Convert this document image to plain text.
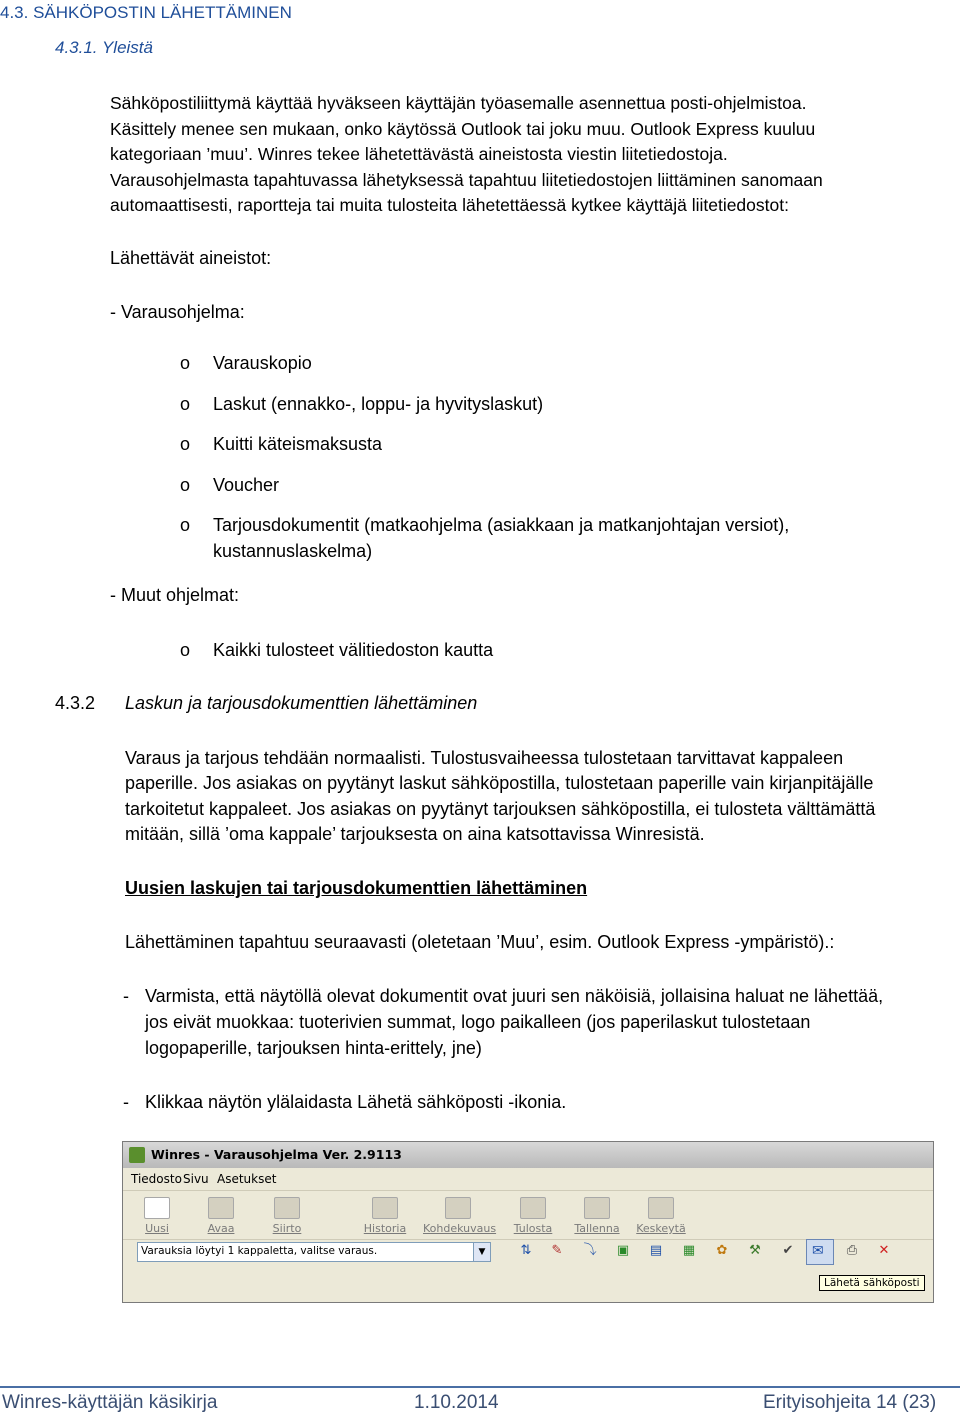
4.3. SÄHKÖPOSTIN LÄHETTÄMINEN
4.3.1. Yleistä
Sähköpostiliittymä käyttää hyväkseen käyttäjän työasemalle asennettua posti-ohjelmistoa.
Käsittely menee sen mukaan, onko käytössä Outlook tai joku muu. Outlook Express kuuluu
kategoriaan ’muu’. Winres tekee lähetettävästä aineistosta viestin liitetiedostoja.
Varausohjelmasta tapahtuvassa lähetyksessä tapahtuu liitetiedostojen liittäminen sanomaan
automaattisesti, raportteja tai muita tulosteita lähetettäessä kytkee käyttäjä liitetiedostot:
Lähettävät aineistot:
- Varausohjelma:
o Varauskopio
o Laskut (ennakko-, loppu- ja hyvityslaskut)
o Kuitti käteismaksusta
o Voucher
o Tarjousdokumentit (matkaohjelma (asiakkaan ja matkanjohtajan versiot),
kustannuslaskelma)
- Muut ohjelmat:
o Kaikki tulosteet välitiedoston kautta
4.3.2 Laskun ja tarjousdokumenttien lähettäminen
Varaus ja tarjous tehdään normaalisti. Tulostusvaiheessa tulostetaan tarvittavat kappaleen
paperille. Jos asiakas on pyytänyt laskut sähköpostilla, tulostetaan paperille vain kirjanpitäjälle
tarkoitetut kappaleet. Jos asiakas on pyytänyt tarjouksen sähköpostilla, ei tulosteta välttämättä
mitään, sillä ’oma kappale’ tarjouksesta on aina katsottavissa Winresistä.
Uusien laskujen tai tarjousdokumenttien lähettäminen
Lähettäminen tapahtuu seuraavasti (oletetaan ’Muu’, esim. Outlook Express -ympäristö).:
- Varmista, että näytöllä olevat dokumentit ovat juuri sen näköisiä, jollaisina haluat ne lähettää,
jos eivät muokkaa: tuoterivien summat, logo paikalleen (jos paperilaskut tulostetaan
logopaperille, tarjouksen hinta-erittely, jne)
- Klikkaa näytön ylälaidasta Lähetä sähköposti -ikonia.
Winres - Varausohjelma Ver. 2.9113
Tiedosto Sivu Asetukset
Uusi	Avaa	Siirto	Historia	Kohdekuvaus	Tulosta	Tallenna	Keskeytä
Varauksia löytyi 1 kappaletta, valitse varaus.	▼	⇅ ✎ ⤵ ▣ ▤ ▦ ✿ ⚒ ✔ ✉ ⎙ ✕
Lähetä sähköposti
Winres-käyttäjän käsikirja	1.10.2014	Erityisohjeita 14 (23)
